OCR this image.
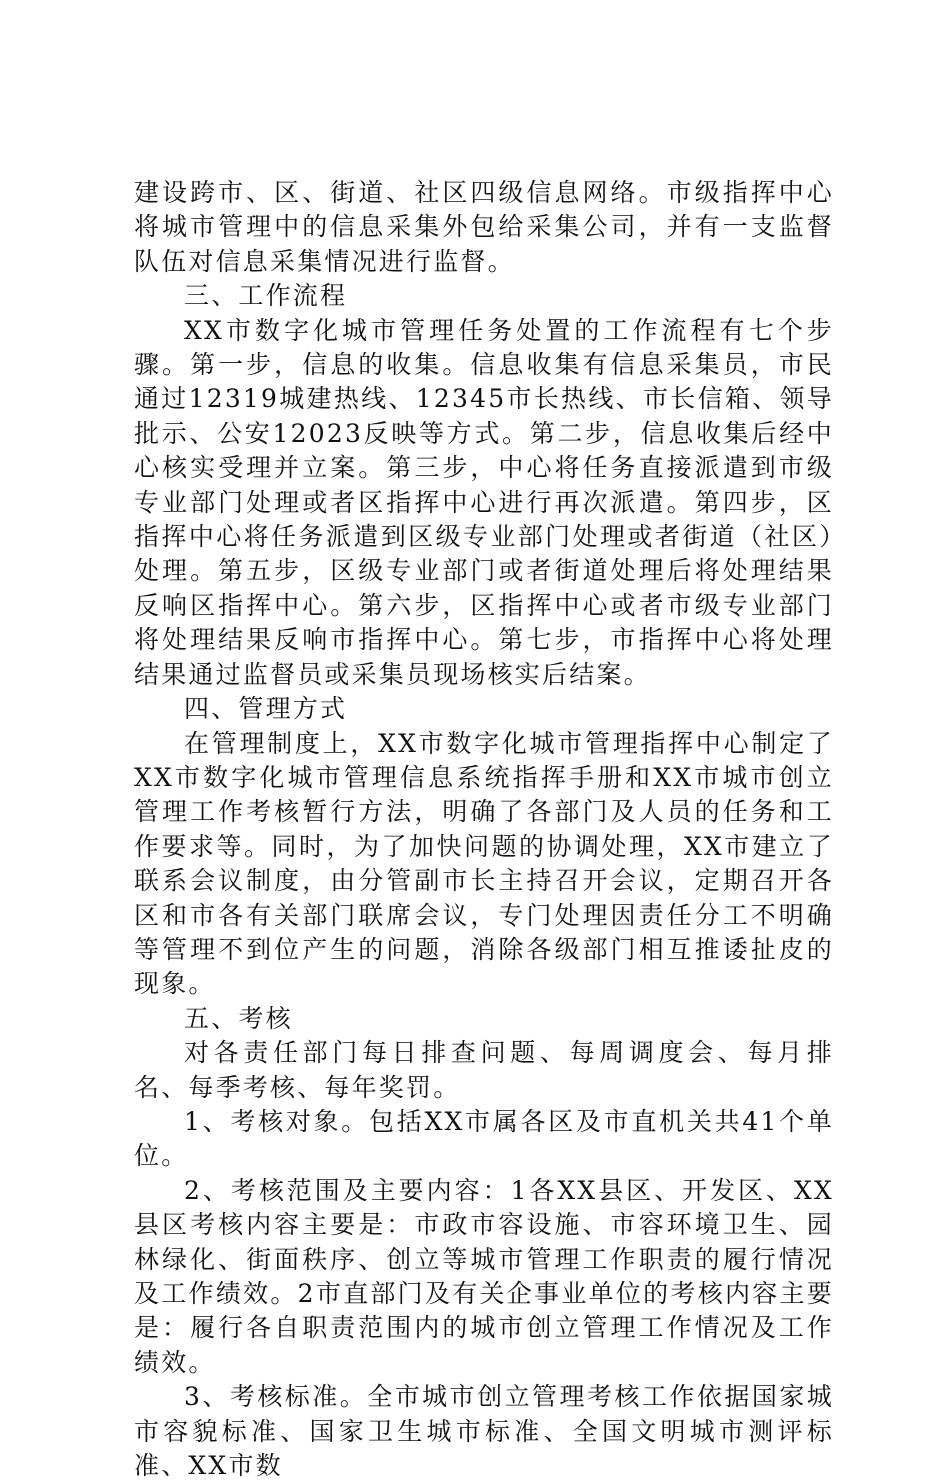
建设跨市、区、街道、社区四级信息网络。市级指挥中心将城市管理中的信息采集外包给采集公司，并有一支监督队伍对信息采集情况进行监督。

三、工作流程

XX市数字化城市管理任务处置的工作流程有七个步骤。第一步，信息的收集。信息收集有信息采集员，市民通过12319城建热线、12345市长热线、市长信箱、领导批示、公安12023反映等方式。第二步，信息收集后经中心核实受理并立案。第三步，中心将任务直接派遣到市级专业部门处理或者区指挥中心进行再次派遣。第四步，区指挥中心将任务派遣到区级专业部门处理或者街道（社区）处理。第五步，区级专业部门或者街道处理后将处理结果反响区指挥中心。第六步，区指挥中心或者市级专业部门将处理结果反响市指挥中心。第七步，市指挥中心将处理结果通过监督员或采集员现场核实后结案。

四、管理方式

在管理制度上，XX市数字化城市管理指挥中心制定了XX市数字化城市管理信息系统指挥手册和XX市城市创立管理工作考核暂行方法，明确了各部门及人员的任务和工作要求等。同时，为了加快问题的协调处理，XX市建立了联系会议制度，由分管副市长主持召开会议，定期召开各区和市各有关部门联席会议，专门处理因责任分工不明确等管理不到位产生的问题，消除各级部门相互推诿扯皮的现象。

五、考核

对各责任部门每日排查问题、每周调度会、每月排名、每季考核、每年奖罚。

1、考核对象。包括XX市属各区及市直机关共41个单位。

2、考核范围及主要内容：1各XX县区、开发区、XX县区考核内容主要是：市政市容设施、市容环境卫生、园林绿化、街面秩序、创立等城市管理工作职责的履行情况及工作绩效。2市直部门及有关企事业单位的考核内容主要是：履行各自职责范围内的城市创立管理工作情况及工作绩效。

3、考核标准。全市城市创立管理考核工作依据国家城市容貌标准、国家卫生城市标准、全国文明城市测评标准、XX市数
